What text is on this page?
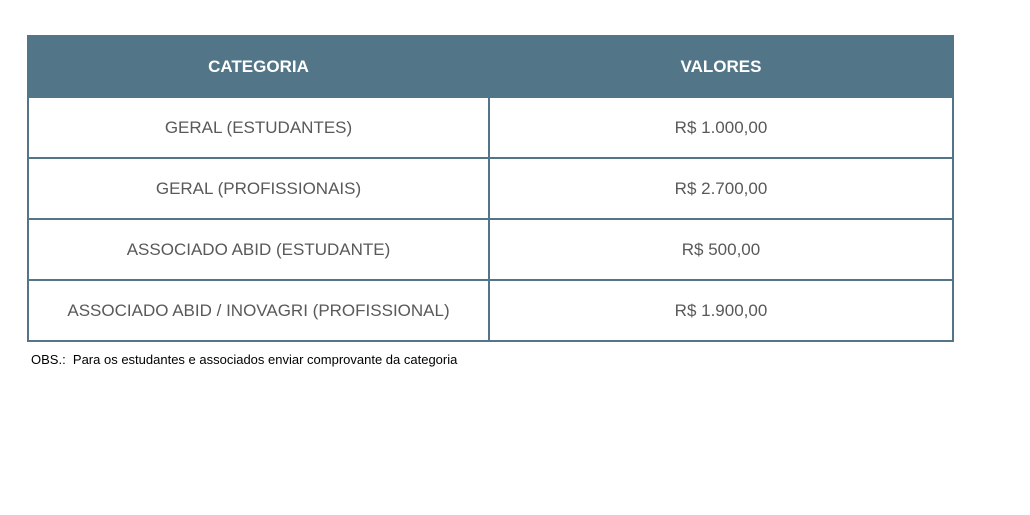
CATEGORIA	VALORES
GERAL (ESTUDANTES)	R$ 1.000,00
GERAL (PROFISSIONAIS)	R$ 2.700,00
ASSOCIADO ABID (ESTUDANTE)	R$ 500,00
ASSOCIADO ABID / INOVAGRI (PROFISSIONAL)	R$ 1.900,00
OBS.:  Para os estudantes e associados enviar comprovante da categoria
